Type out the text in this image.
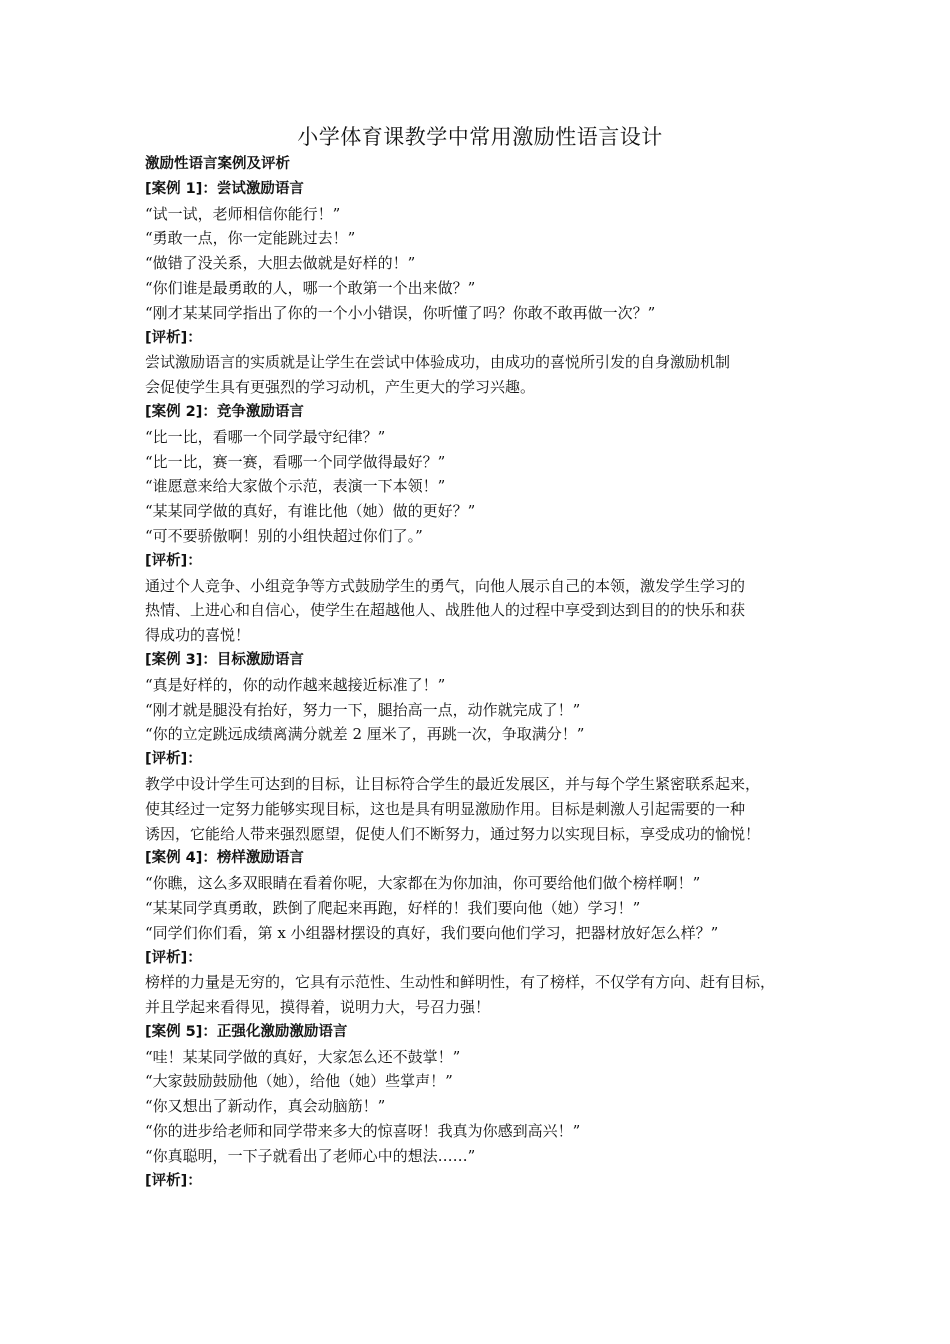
小学体育课教学中常用激励性语言设计
激励性语言案例及评析
[案例 1]：尝试激励语言
“试一试，老师相信你能行！”
“勇敢一点，你一定能跳过去！”
“做错了没关系，大胆去做就是好样的！”
“你们谁是最勇敢的人，哪一个敢第一个出来做？”
“刚才某某同学指出了你的一个小小错误，你听懂了吗？你敢不敢再做一次？”
[评析]：
尝试激励语言的实质就是让学生在尝试中体验成功，由成功的喜悦所引发的自身激励机制
会促使学生具有更强烈的学习动机，产生更大的学习兴趣。
[案例 2]：竞争激励语言
“比一比，看哪一个同学最守纪律？”
“比一比，赛一赛，看哪一个同学做得最好？”
“谁愿意来给大家做个示范，表演一下本领！”
“某某同学做的真好，有谁比他（她）做的更好？”
“可不要骄傲啊！别的小组快超过你们了。”
[评析]：
通过个人竞争、小组竞争等方式鼓励学生的勇气，向他人展示自己的本领，激发学生学习的
热情、上进心和自信心，使学生在超越他人、战胜他人的过程中享受到达到目的的快乐和获
得成功的喜悦！
[案例 3]：目标激励语言
“真是好样的，你的动作越来越接近标准了！”
“刚才就是腿没有抬好，努力一下，腿抬高一点，动作就完成了！”
“你的立定跳远成绩离满分就差 2 厘米了，再跳一次，争取满分！”
[评析]：
教学中设计学生可达到的目标，让目标符合学生的最近发展区，并与每个学生紧密联系起来，
使其经过一定努力能够实现目标，这也是具有明显激励作用。目标是刺激人引起需要的一种
诱因，它能给人带来强烈愿望，促使人们不断努力，通过努力以实现目标，享受成功的愉悦！
[案例 4]：榜样激励语言
“你瞧，这么多双眼睛在看着你呢，大家都在为你加油，你可要给他们做个榜样啊！”
“某某同学真勇敢，跌倒了爬起来再跑，好样的！我们要向他（她）学习！”
“同学们你们看，第 x 小组器材摆设的真好，我们要向他们学习，把器材放好怎么样？”
[评析]：
榜样的力量是无穷的，它具有示范性、生动性和鲜明性，有了榜样，不仅学有方向、赶有目标，
并且学起来看得见，摸得着，说明力大，号召力强！
[案例 5]：正强化激励激励语言
“哇！某某同学做的真好，大家怎么还不鼓掌！”
“大家鼓励鼓励他（她），给他（她）些掌声！”
“你又想出了新动作，真会动脑筋！”
“你的进步给老师和同学带来多大的惊喜呀！我真为你感到高兴！”
“你真聪明，一下子就看出了老师心中的想法……”
[评析]：
